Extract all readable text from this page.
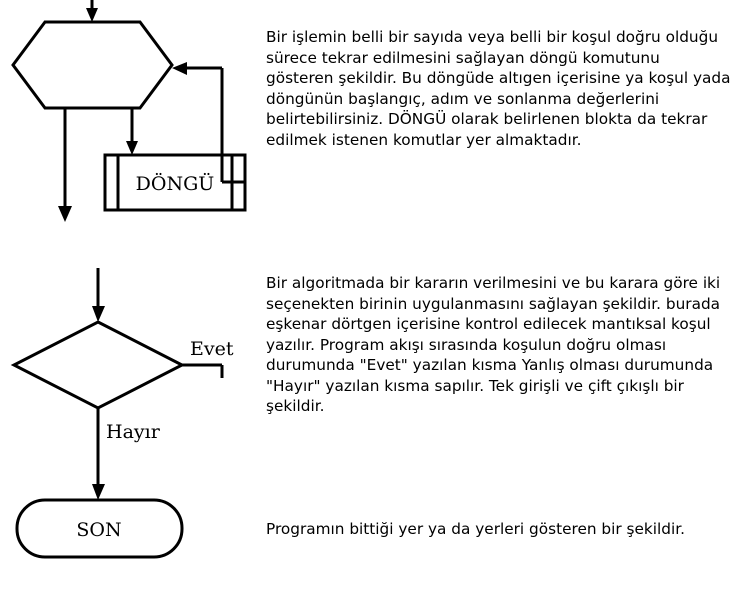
DÖNGÜ
SON
Evet
Hayır

Bir işlemin belli bir sayıda veya belli bir koşul doğru olduğu sürece tekrar edilmesini sağlayan döngü komutunu gösteren şekildir. Bu döngüde altıgen içerisine ya koşul yada döngünün başlangıç, adım ve sonlanma değerlerini belirtebilirsiniz. DÖNGÜ olarak belirlenen blokta da tekrar edilmek istenen komutlar yer almaktadır.

Bir algoritmada bir kararın verilmesini ve bu karara göre iki seçenekten birinin uygulanmasını sağlayan şekildir. burada eşkenar dörtgen içerisine kontrol edilecek mantıksal koşul yazılır. Program akışı sırasında koşulun doğru olması durumunda "Evet" yazılan kısma Yanlış olması durumunda "Hayır" yazılan kısma sapılır. Tek girişli ve çift çıkışlı bir şekildir.

Programın bittiği yer ya da yerleri gösteren bir şekildir.
